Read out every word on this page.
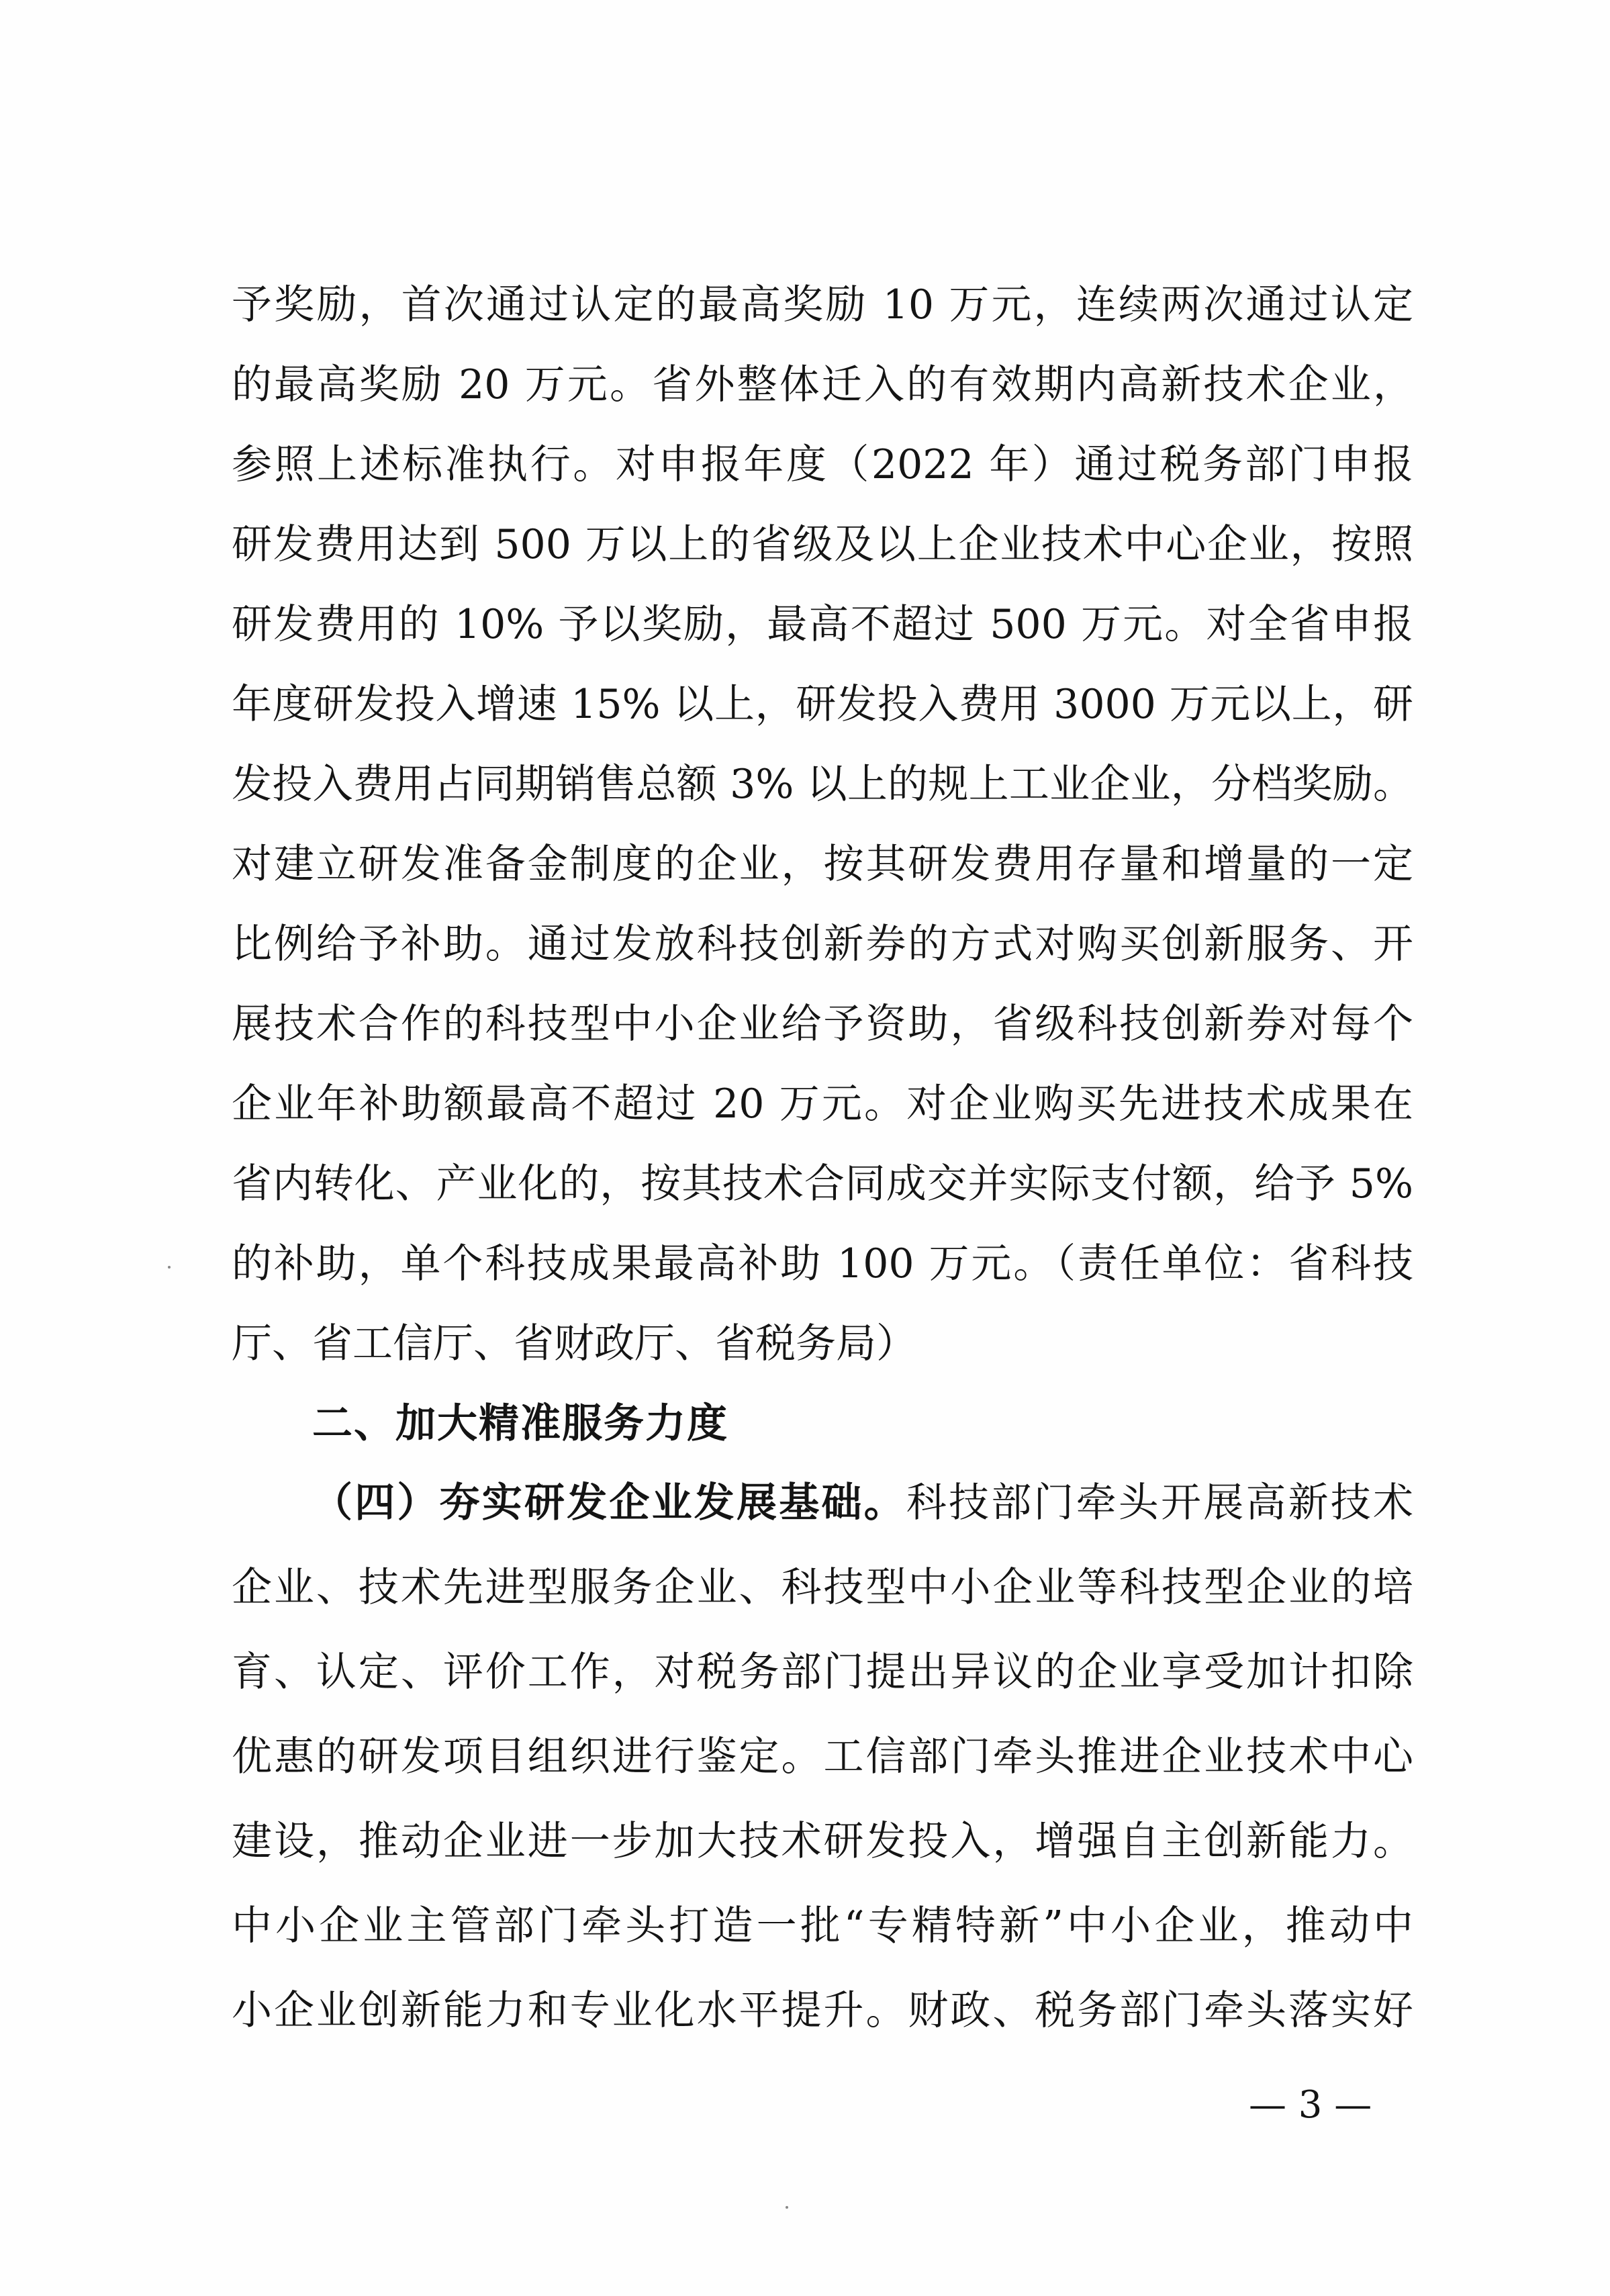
予奖励，首次通过认定的最高奖励 10 万元，连续两次通过认定
的最高奖励 20 万元。省外整体迁入的有效期内高新技术企业，
参照上述标准执行。对申报年度（2022 年）通过税务部门申报
研发费用达到 500 万以上的省级及以上企业技术中心企业，按照
研发费用的 10% 予以奖励，最高不超过 500 万元。对全省申报
年度研发投入增速 15% 以上，研发投入费用 3000 万元以上，研
发投入费用占同期销售总额 3% 以上的规上工业企业，分档奖励。
对建立研发准备金制度的企业，按其研发费用存量和增量的一定
比例给予补助。通过发放科技创新券的方式对购买创新服务、开
展技术合作的科技型中小企业给予资助，省级科技创新券对每个
企业年补助额最高不超过 20 万元。对企业购买先进技术成果在
省内转化、产业化的，按其技术合同成交并实际支付额，给予 5%
的补助，单个科技成果最高补助 100 万元。（责任单位：省科技
厅、省工信厅、省财政厅、省税务局）
二、加大精准服务力度
（四）夯实研发企业发展基础。科技部门牵头开展高新技术
企业、技术先进型服务企业、科技型中小企业等科技型企业的培
育、认定、评价工作，对税务部门提出异议的企业享受加计扣除
优惠的研发项目组织进行鉴定。工信部门牵头推进企业技术中心
建设，推动企业进一步加大技术研发投入，增强自主创新能力。
中小企业主管部门牵头打造一批“专精特新”中小企业，推动中
小企业创新能力和专业化水平提升。财政、税务部门牵头落实好
— 3 —
